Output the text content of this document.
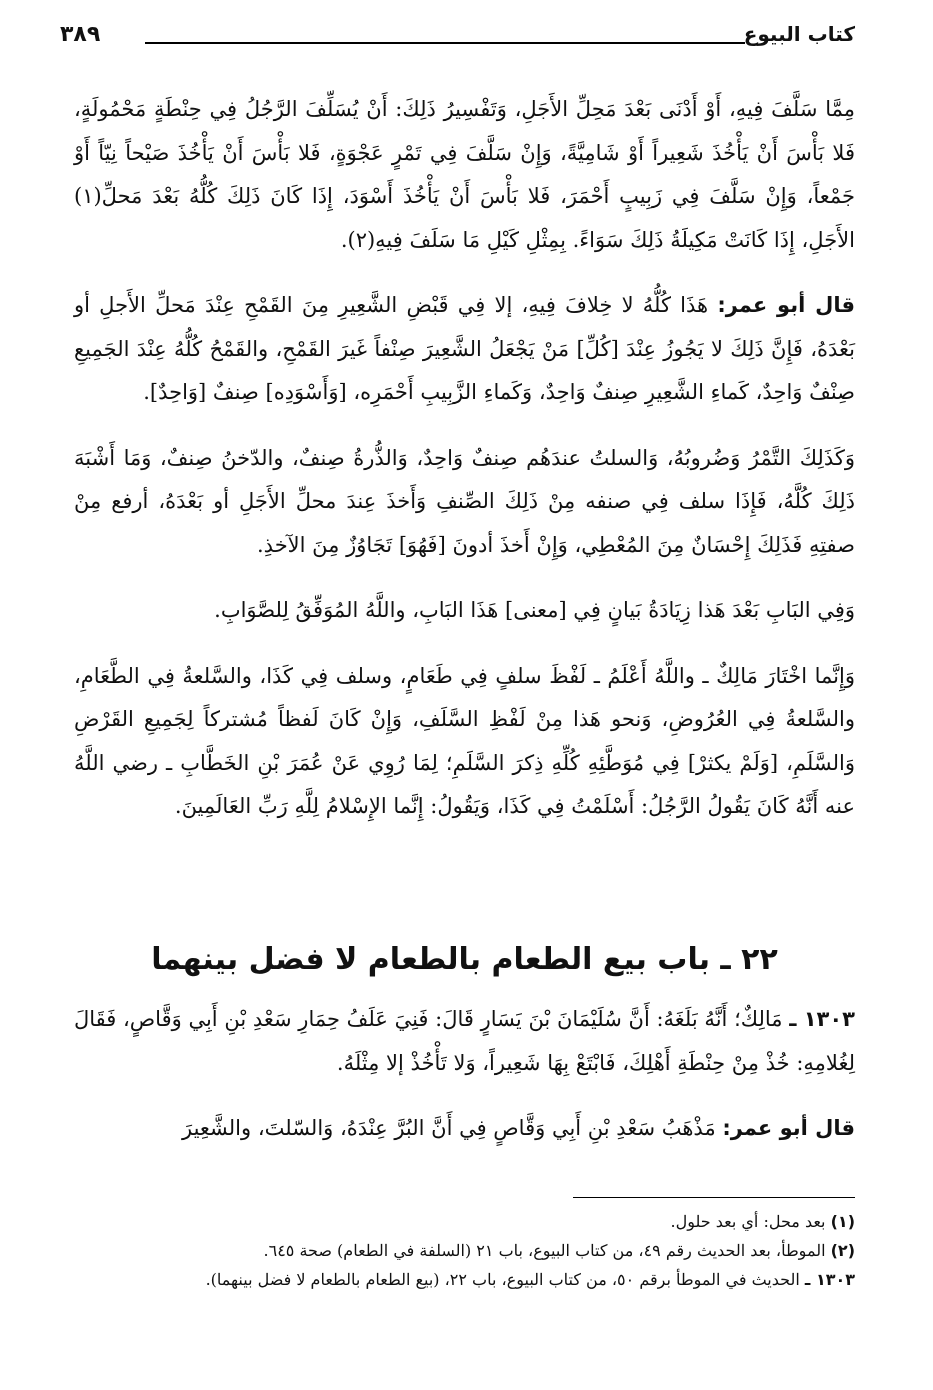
كتاب البيوع
٣٨٩

مِمَّا سَلَّفَ فِيهِ، أَوْ أَدْنَى بَعْدَ مَحِلِّ الأَجَلِ، وَتَفْسِيرُ ذَلِكَ: أَنْ يُسَلِّفَ الرَّجُلُ فِي حِنْطَةٍ مَحْمُولَةٍ، فَلا بَأْسَ أَنْ يَأْخُذَ شَعِيراً أَوْ شَامِيَّةً، وَإِنْ سَلَّفَ فِي تَمْرٍ عَجْوَةٍ، فَلا بَأْسَ أَنْ يَأْخُذَ صَيْحاً نِيّاً أَوْ جَمْعاً، وَإِنْ سَلَّفَ فِي زَبِيبٍ أَحْمَرَ، فَلا بَأْسَ أَنْ يَأْخُذَ أَسْوَدَ، إِذَا كَانَ ذَلِكَ كُلُّهُ بَعْدَ مَحلِّ(١) الأَجَلِ، إِذَا كَانَتْ مَكِيلَةُ ذَلِكَ سَوَاءً. بِمِثْلِ كَيْلِ مَا سَلَفَ فِيهِ(٢).

قال أبو عمر: هَذَا كُلُّهُ لا خِلافَ فِيهِ، إلا فِي قَبْضِ الشَّعِيرِ مِنَ القَمْحِ عِنْدَ مَحلِّ الأَجلِ أو بَعْدَهُ، فَإِنَّ ذَلِكَ لا يَجُوزُ عِنْدَ [كُلِّ] مَنْ يَجْعَلُ الشَّعِيرَ صِنْفاً غَيرَ القَمْحِ، والقَمْحُ كُلُّهُ عِنْدَ الجَمِيعِ صِنْفٌ وَاحِدٌ، كَماءِ الشَّعِيرِ صِنفٌ وَاحِدٌ، وَكَماءِ الزَّبِيبِ أَحْمَرِه، [وَأَسْوَدِه] صِنفٌ [وَاحِدٌ].

وَكَذَلِكَ التَّمْرُ وَضُروبُهُ، وَالسلتُ عندَهُم صِنفٌ وَاحِدٌ، وَالذُّرةُ صِنفٌ، والدّخنُ صِنفٌ، وَمَا أَشْبَهَ ذَلِكَ كُلَّهُ، فَإِذَا سلف فِي صنفه مِنْ ذَلِكَ الصِّنفِ وَأَخذَ عِندَ محلِّ الأَجَلِ أو بَعْدَهُ، أرفع مِنْ صفتِهِ فَذَلِكَ إِحْسَانٌ مِنَ المُعْطِي، وَإِنْ أَخذَ أدونَ [فَهُوَ] تَجَاوُزٌ مِنَ الآخذِ.

وَفِي البَابِ بَعْدَ هَذا زِيَادَةُ بَيانٍ فِي [معنى] هَذَا البَابِ، واللَّهُ المُوَفِّقُ لِلصَّوَابِ.

وَإِنَّما اخْتَارَ مَالِكٌ ـ واللَّهُ أَعْلَمُ ـ لَفْظَ سلفٍ فِي طَعَامٍ، وسلف فِي كَذَا، والسَّلعةُ فِي الطَّعَامِ، والسَّلعةُ فِي العُرُوضِ، وَنحو هَذا مِنْ لَفْظِ السَّلَفِ، وَإِنْ كَانَ لَفظاً مُشتركاً لِجَمِيعِ القَرْضِ وَالسَّلَمِ، [وَلَمْ يكثرْ] فِي مُوَطَّئِهِ كُلِّهِ ذِكرَ السَّلَمِ؛ لِمَا رُوِي عَنْ عُمَرَ بْنِ الخَطَّابِ ـ رضي اللَّهُ عنه أَنَّهُ كَانَ يَقُولُ الرَّجُلُ: أَسْلَمْتُ فِي كَذَا، وَيَقُولُ: إِنَّما الإِسْلامُ لِلَّهِ رَبِّ العَالَمِينَ.

٢٢ ـ باب بيع الطعام بالطعام لا فضل بينهما

١٣٠٣ ـ مَالِكٌ؛ أَنَّهُ بَلَغَهُ: أَنَّ سُلَيْمَانَ بْنَ يَسَارٍ قَالَ: فَنِيَ عَلَفُ حِمَارِ سَعْدِ بْنِ أَبِي وَقَّاصٍ، فَقَالَ لِغُلامِهِ: خُذْ مِنْ حِنْطَةِ أَهْلِكَ، فَابْتَعْ بِهَا شَعِيراً، وَلا تَأْخُذْ إلا مِثْلَهُ.

قال أبو عمر: مَذْهَبُ سَعْدِ بْنِ أَبِي وَقَّاصٍ فِي أَنَّ البُرَّ عِنْدَهُ، وَالسّلتَ، والشَّعِيرَ

(١) بعد محل: أي بعد حلول.
(٢) الموطأ، بعد الحديث رقم ٤٩، من كتاب البيوع، باب ٢١ (السلفة في الطعام) صحة ٦٤٥.
١٣٠٣ ـ الحديث في الموطأ برقم ٥٠، من كتاب البيوع، باب ٢٢، (بيع الطعام بالطعام لا فضل بينهما).
